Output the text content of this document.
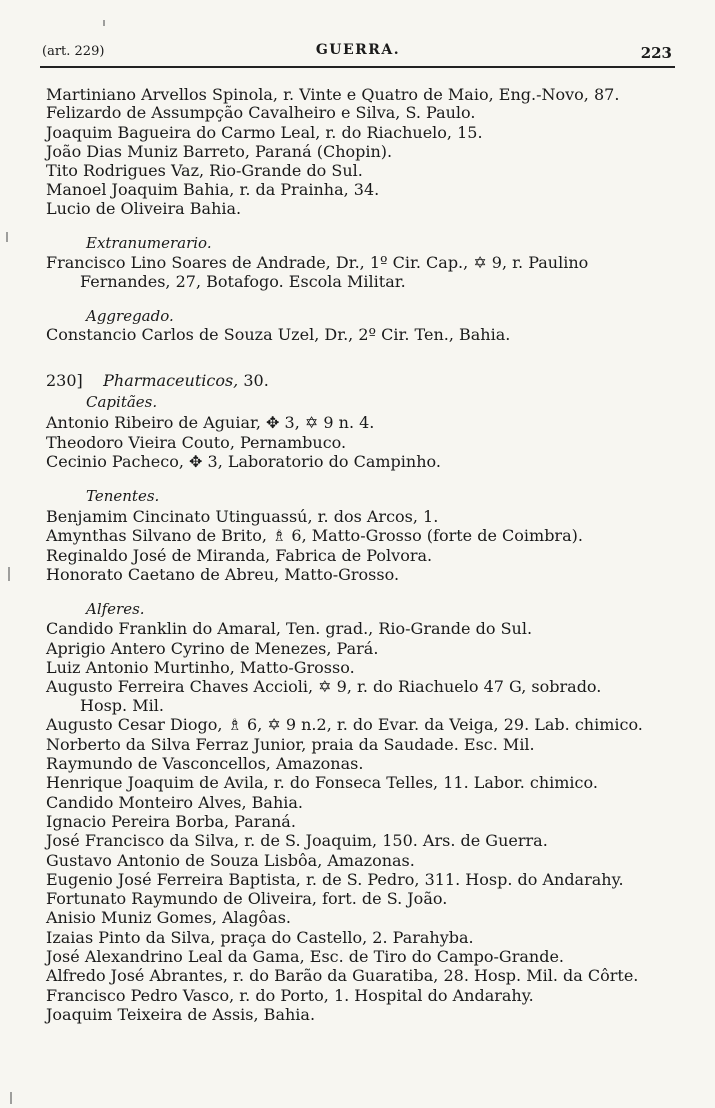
(art. 229)	GUERRA.	223
Martiniano Arvellos Spinola, r. Vinte e Quatro de Maio, Eng.-Novo, 87.
Felizardo de Assumpção Cavalheiro e Silva, S. Paulo.
Joaquim Bagueira do Carmo Leal, r. do Riachuelo, 15.
João Dias Muniz Barreto, Paraná (Chopin).
Tito Rodrigues Vaz, Rio-Grande do Sul.
Manoel Joaquim Bahia, r. da Prainha, 34.
Lucio de Oliveira Bahia.
Extranumerario.
Francisco Lino Soares de Andrade, Dr., 1º Cir. Cap., ✡ 9, r. Paulino
Fernandes, 27, Botafogo. Escola Militar.
Aggregado.
Constancio Carlos de Souza Uzel, Dr., 2º Cir. Ten., Bahia.
230] Pharmaceuticos, 30.
Capitães.
Antonio Ribeiro de Aguiar, ✥ 3, ✡ 9 n. 4.
Theodoro Vieira Couto, Pernambuco.
Cecinio Pacheco, ✥ 3, Laboratorio do Campinho.
Tenentes.
Benjamim Cincinato Utinguassú, r. dos Arcos, 1.
Amynthas Silvano de Brito, ♗ 6, Matto-Grosso (forte de Coimbra).
Reginaldo José de Miranda, Fabrica de Polvora.
Honorato Caetano de Abreu, Matto-Grosso.
Alferes.
Candido Franklin do Amaral, Ten. grad., Rio-Grande do Sul.
Aprigio Antero Cyrino de Menezes, Pará.
Luiz Antonio Murtinho, Matto-Grosso.
Augusto Ferreira Chaves Accioli, ✡ 9, r. do Riachuelo 47 G, sobrado.
Hosp. Mil.
Augusto Cesar Diogo, ♗ 6, ✡ 9 n.2, r. do Evar. da Veiga, 29. Lab. chimico.
Norberto da Silva Ferraz Junior, praia da Saudade. Esc. Mil.
Raymundo de Vasconcellos, Amazonas.
Henrique Joaquim de Avila, r. do Fonseca Telles, 11. Labor. chimico.
Candido Monteiro Alves, Bahia.
Ignacio Pereira Borba, Paraná.
José Francisco da Silva, r. de S. Joaquim, 150. Ars. de Guerra.
Gustavo Antonio de Souza Lisbôa, Amazonas.
Eugenio José Ferreira Baptista, r. de S. Pedro, 311. Hosp. do Andarahy.
Fortunato Raymundo de Oliveira, fort. de S. João.
Anisio Muniz Gomes, Alagôas.
Izaias Pinto da Silva, praça do Castello, 2. Parahyba.
José Alexandrino Leal da Gama, Esc. de Tiro do Campo-Grande.
Alfredo José Abrantes, r. do Barão da Guaratiba, 28. Hosp. Mil. da Côrte.
Francisco Pedro Vasco, r. do Porto, 1. Hospital do Andarahy.
Joaquim Teixeira de Assis, Bahia.
